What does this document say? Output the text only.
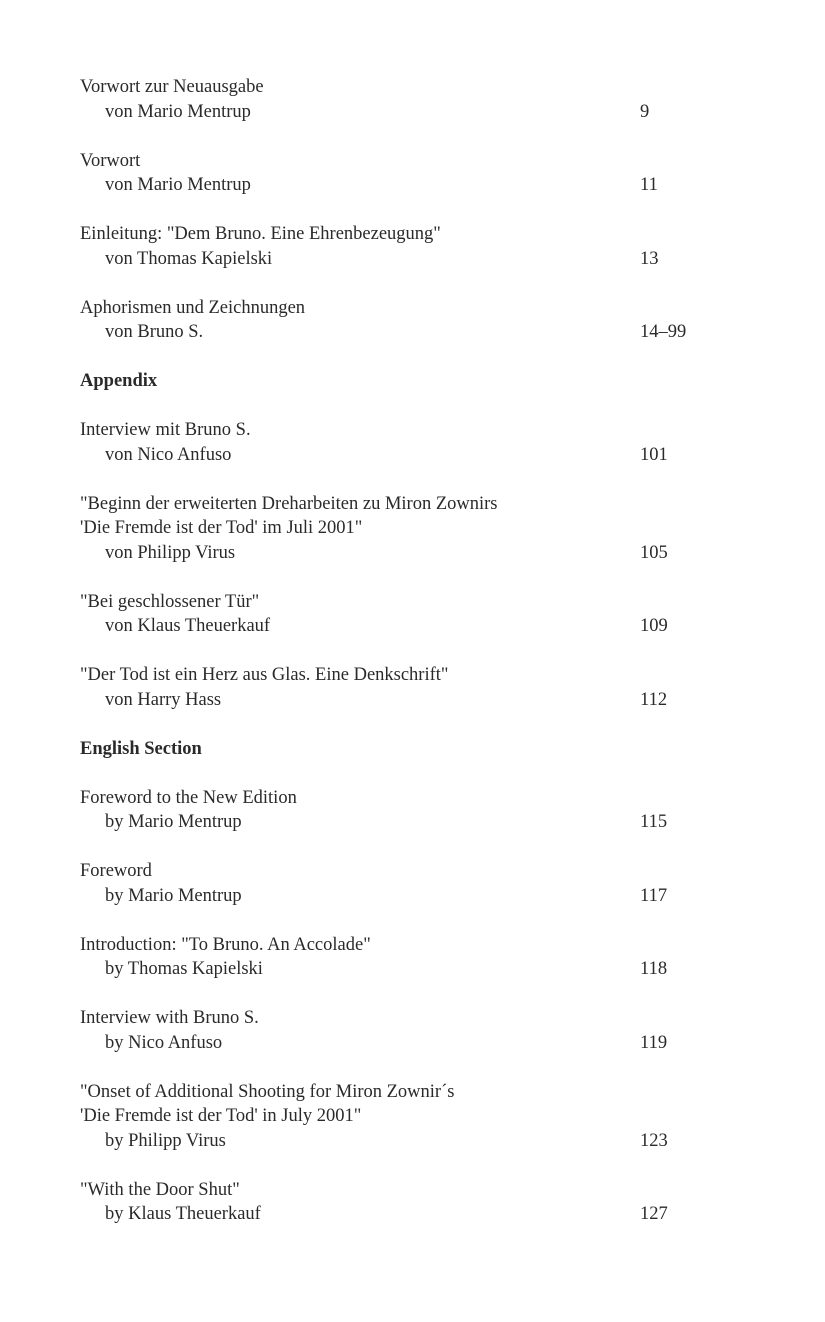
Vorwort zur Neuausgabe
von Mario Mentrup	9
Vorwort
von Mario Mentrup	11
Einleitung: "Dem Bruno. Eine Ehrenbezeugung"
von Thomas Kapielski	13
Aphorismen und Zeichnungen
von Bruno S.	14–99
Appendix
Interview mit Bruno S.
von Nico Anfuso	101
"Beginn der erweiterten Dreharbeiten zu Miron Zownirs
'Die Fremde ist der Tod' im Juli 2001"
von Philipp Virus	105
"Bei geschlossener Tür"
von Klaus Theuerkauf	109
"Der Tod ist ein Herz aus Glas. Eine Denkschrift"
von Harry Hass	112
English Section
Foreword to the New Edition
by Mario Mentrup	115
Foreword
by Mario Mentrup	117
Introduction: "To Bruno. An Accolade"
by Thomas Kapielski	118
Interview with Bruno S.
by Nico Anfuso	119
"Onset of Additional Shooting for Miron Zownir´s
'Die Fremde ist der Tod' in July 2001"
by Philipp Virus	123
"With the Door Shut"
by Klaus Theuerkauf	127
